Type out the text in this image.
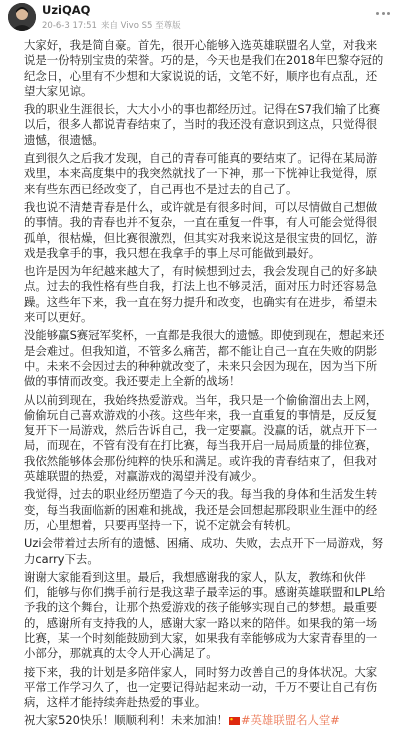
UziQAQ
20-6-3 17:51 来自 Vivo S5 至尊版

大家好，我是简自豪。首先，很开心能够入选英雄联盟名人堂，对我来说是一份特别宝贵的荣誉。巧的是，今天也是我们在2018年巴黎夺冠的纪念日，心里有不少想和大家说说的话，文笔不好，顺序也有点乱，还望大家见谅。

我的职业生涯很长，大大小小的事也都经历过。记得在S7我们输了比赛以后，很多人都说青春结束了，当时的我还没有意识到这点，只觉得很遗憾，很遗憾。

直到很久之后我才发现，自己的青春可能真的要结束了。记得在某局游戏里，本来高度集中的我突然就找了一下神，那一下恍神让我觉得，原来有些东西已经改变了，自己再也不是过去的自己了。

我也说不清楚青春是什么，或许就是有很多时间，可以尽情做自己想做的事情。我的青春也并不复杂，一直在重复一件事，有人可能会觉得很孤单，很枯燥，但比赛很激烈，但其实对我来说这是很宝贵的回忆，游戏是我拿手的事，我只想在我拿手的事上尽可能做到最好。

也许是因为年纪越来越大了，有时候想到过去，我会发现自己的好多缺点。过去的我性格有些自我，打法上也不够灵活，面对压力时还容易急躁。这些年下来，我一直在努力提升和改变，也确实有在进步，希望未来可以更好。

没能够赢S赛冠军奖杯，一直都是我很大的遗憾。即使到现在，想起来还是会难过。但我知道，不管多么痛苦，都不能让自己一直在失败的阴影中。未来不会因过去的种种就改变了，未来只会因为现在，因为当下所做的事情而改变。我还要走上全新的战场！

从以前到现在，我始终热爱游戏。当年，我只是一个偷偷溜出去上网，偷偷玩自己喜欢游戏的小孩。这些年来，我一直重复的事情是，反反复复开下一局游戏，然后告诉自己，我一定要赢。没赢的话，就点开下一局，而现在，不管有没有在打比赛，每当我开启一局局质量的排位赛，我依然能够体会那份纯粹的快乐和满足。或许我的青春结束了，但我对英雄联盟的热爱，对赢游戏的渴望并没有减少。

我觉得，过去的职业经历塑造了今天的我。每当我的身体和生活发生转变，每当我面临新的困难和挑战，我还是会回想起那段职业生涯中的经历，心里想着，只要再坚持一下，说不定就会有转机。

Uzi会带着过去所有的遗憾、困痛、成功、失败，去点开下一局游戏，努力carry下去。

谢谢大家能看到这里。最后，我想感谢我的家人，队友，教练和伙伴们，能够与你们携手前行是我这辈子最幸运的事。感谢英雄联盟和LPL给予我的这个舞台，让那个热爱游戏的孩子能够实现自己的梦想。最重要的，感谢所有支持我的人，感谢大家一路以来的陪伴。如果我的第一场比赛，某一个时刻能鼓励到大家，如果我有幸能够成为大家青春里的一小部分，那就真的太令人开心满足了。

接下来，我的计划是多陪伴家人，同时努力改善自己的身体状况。大家平常工作学习久了，也一定要记得站起来动一动，千万不要让自己有伤病，这样才能持续奔赴热爱的事业。

祝大家520快乐！顺顺利利！未来加油！ #英雄联盟名人堂#
